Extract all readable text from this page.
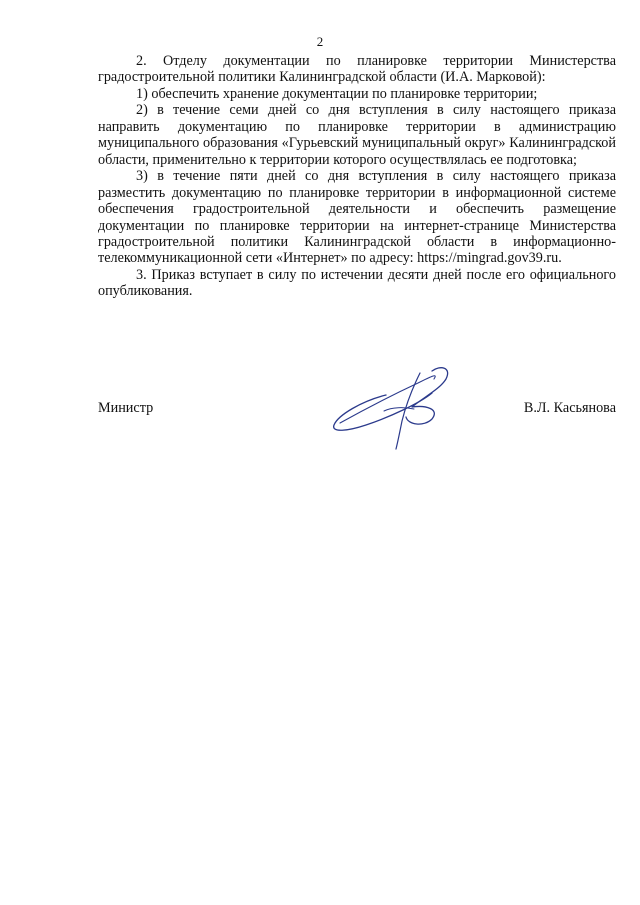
2

2. Отделу документации по планировке территории Министерства градостроительной политики Калининградской области (И.А. Марковой):

1) обеспечить хранение документации по планировке территории;

2) в течение семи дней со дня вступления в силу настоящего приказа направить документацию по планировке территории в администрацию муниципального образования «Гурьевский муниципальный округ» Калининградской области, применительно к территории которого осуществлялась ее подготовка;

3) в течение пяти дней со дня вступления в силу настоящего приказа разместить документацию по планировке территории в информационной системе обеспечения градостроительной деятельности и обеспечить размещение документации по планировке территории на интернет-странице Министерства градостроительной политики Калининградской области в информационно-телекоммуникационной сети «Интернет» по адресу: https://mingrad.gov39.ru.

3. Приказ вступает в силу по истечении десяти дней после его официального опубликования.

Министр	В.Л. Касьянова
